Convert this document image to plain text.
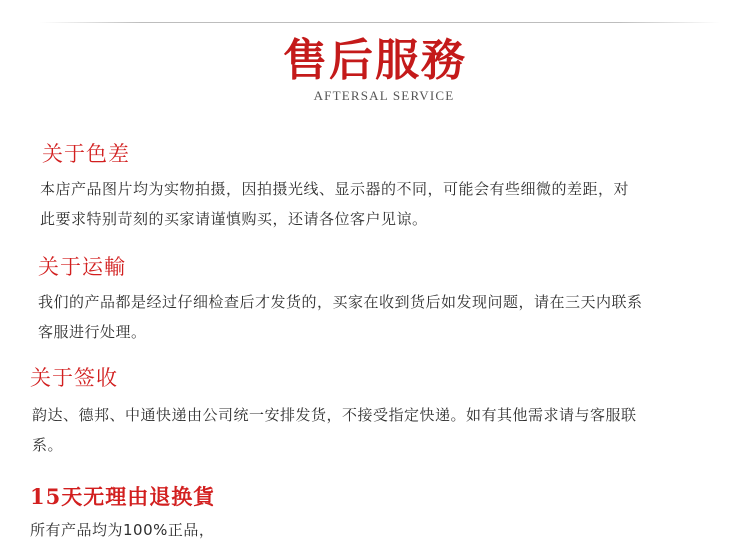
售后服務
AFTERSAL SERVICE
关于色差
本店产品图片均为实物拍摄，因拍摄光线、显示器的不同，可能会有些细微的差距，对
此要求特别苛刻的买家请谨慎购买，还请各位客户见谅。
关于运輸
我们的产品都是经过仔细检查后才发货的，买家在收到货后如发现问题，请在三天内联系
客服进行处理。
关于签收
韵达、德邦、中通快递由公司统一安排发货，不接受指定快递。如有其他需求请与客服联
系。
15天无理由退换貨
所有产品均为100%正品，
